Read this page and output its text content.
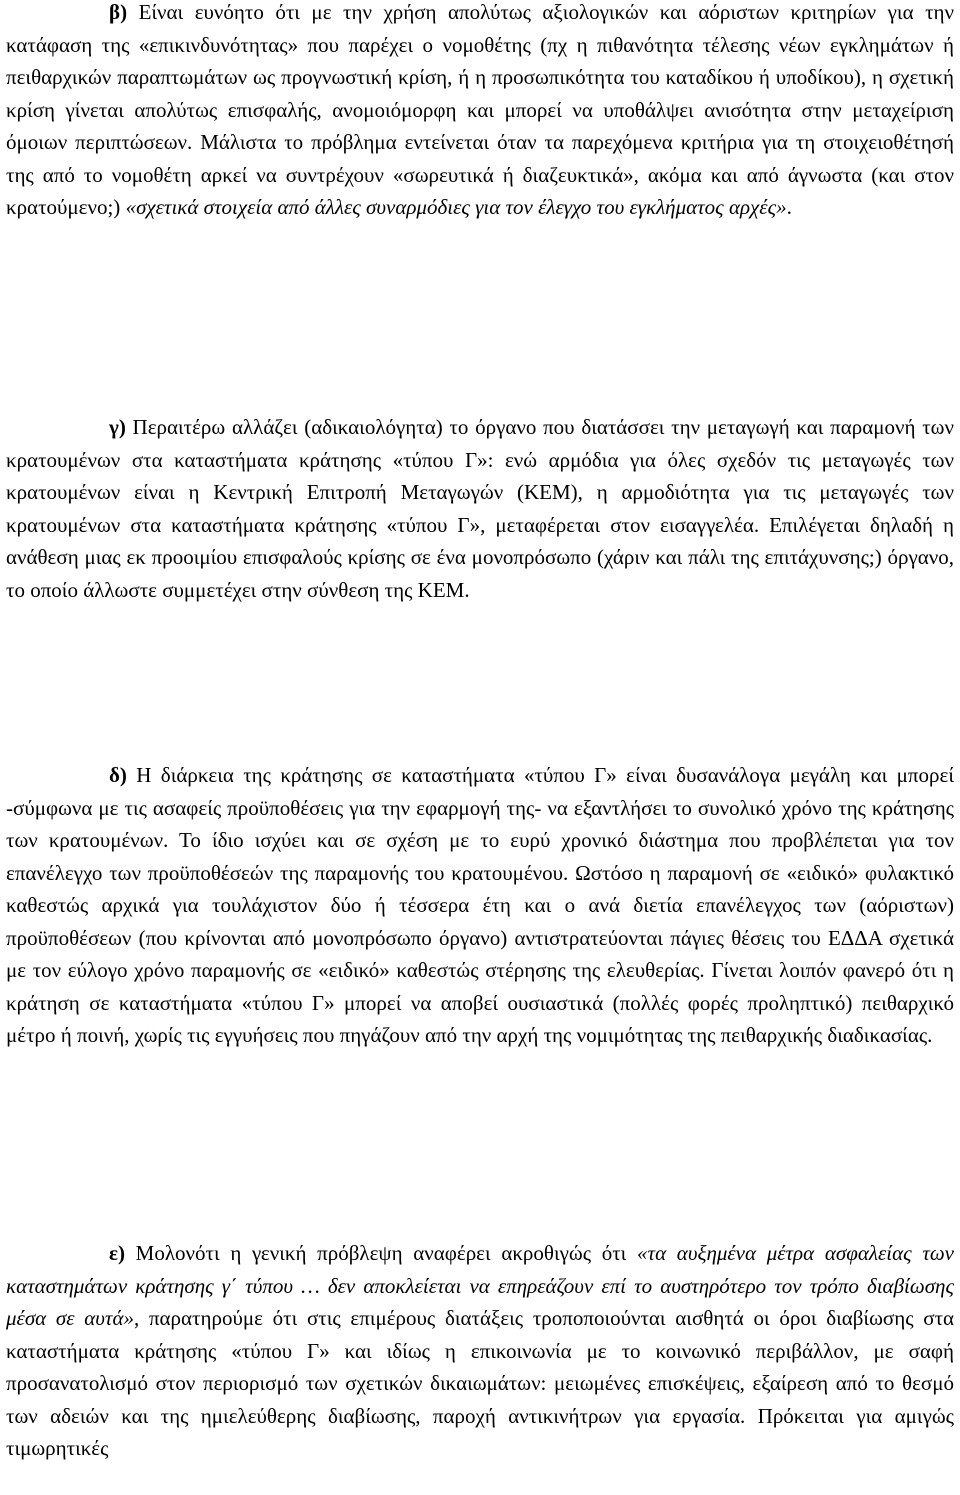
β) Είναι ευνόητο ότι με την χρήση απολύτως αξιολογικών και αόριστων κριτηρίων για την κατάφαση της «επικινδυνότητας» που παρέχει ο νομοθέτης (πχ η πιθανότητα τέλεσης νέων εγκλημάτων ή πειθαρχικών παραπτωμάτων ως προγνωστική κρίση, ή η προσωπικότητα του καταδίκου ή υποδίκου), η σχετική κρίση γίνεται απολύτως επισφαλής, ανομοιόμορφη και μπορεί να υποθάλψει ανισότητα στην μεταχείριση όμοιων περιπτώσεων. Μάλιστα το πρόβλημα εντείνεται όταν τα παρεχόμενα κριτήρια για τη στοιχειοθέτησή της από το νομοθέτη αρκεί να συντρέχουν «σωρευτικά ή διαζευκτικά», ακόμα και από άγνωστα (και στον κρατούμενο;) «σχετικά στοιχεία από άλλες συναρμόδιες για τον έλεγχο του εγκλήματος αρχές».

γ) Περαιτέρω αλλάζει (αδικαιολόγητα) το όργανο που διατάσσει την μεταγωγή και παραμονή των κρατουμένων στα καταστήματα κράτησης «τύπου Γ»: ενώ αρμόδια για όλες σχεδόν τις μεταγωγές των κρατουμένων είναι η Κεντρική Επιτροπή Μεταγωγών (ΚΕΜ), η αρμοδιότητα για τις μεταγωγές των κρατουμένων στα καταστήματα κράτησης «τύπου Γ», μεταφέρεται στον εισαγγελέα. Επιλέγεται δηλαδή η ανάθεση μιας εκ προοιμίου επισφαλούς κρίσης σε ένα μονοπρόσωπο (χάριν και πάλι της επιτάχυνσης;) όργανο, το οποίο άλλωστε συμμετέχει στην σύνθεση της ΚΕΜ.

δ) Η διάρκεια της κράτησης σε καταστήματα «τύπου Γ» είναι δυσανάλογα μεγάλη και μπορεί -σύμφωνα με τις ασαφείς προϋποθέσεις για την εφαρμογή της- να εξαντλήσει το συνολικό χρόνο της κράτησης των κρατουμένων. Το ίδιο ισχύει και σε σχέση με το ευρύ χρονικό διάστημα που προβλέπεται για τον επανέλεγχο των προϋποθέσεών της παραμονής του κρατουμένου. Ωστόσο η παραμονή σε «ειδικό» φυλακτικό καθεστώς αρχικά για τουλάχιστον δύο ή τέσσερα έτη και ο ανά διετία επανέλεγχος των (αόριστων) προϋποθέσεων (που κρίνονται από μονοπρόσωπο όργανο) αντιστρατεύονται πάγιες θέσεις του ΕΔΔΑ σχετικά με τον εύλογο χρόνο παραμονής σε «ειδικό» καθεστώς στέρησης της ελευθερίας. Γίνεται λοιπόν φανερό ότι η κράτηση σε καταστήματα «τύπου Γ» μπορεί να αποβεί ουσιαστικά (πολλές φορές προληπτικό) πειθαρχικό μέτρο ή ποινή, χωρίς τις εγγυήσεις που πηγάζουν από την αρχή της νομιμότητας της πειθαρχικής διαδικασίας.

ε) Μολονότι η γενική πρόβλεψη αναφέρει ακροθιγώς ότι «τα αυξημένα μέτρα ασφαλείας των καταστημάτων κράτησης γ΄ τύπου … δεν αποκλείεται να επηρεάζουν επί το αυστηρότερο τον τρόπο διαβίωσης μέσα σε αυτά», παρατηρούμε ότι στις επιμέρους διατάξεις τροποποιούνται αισθητά οι όροι διαβίωσης στα καταστήματα κράτησης «τύπου Γ» και ιδίως η επικοινωνία με το κοινωνικό περιβάλλον, με σαφή προσανατολισμό στον περιορισμό των σχετικών δικαιωμάτων: μειωμένες επισκέψεις, εξαίρεση από το θεσμό των αδειών και της ημιελεύθερης διαβίωσης, παροχή αντικινήτρων για εργασία. Πρόκειται για αμιγώς τιμωρητικές
